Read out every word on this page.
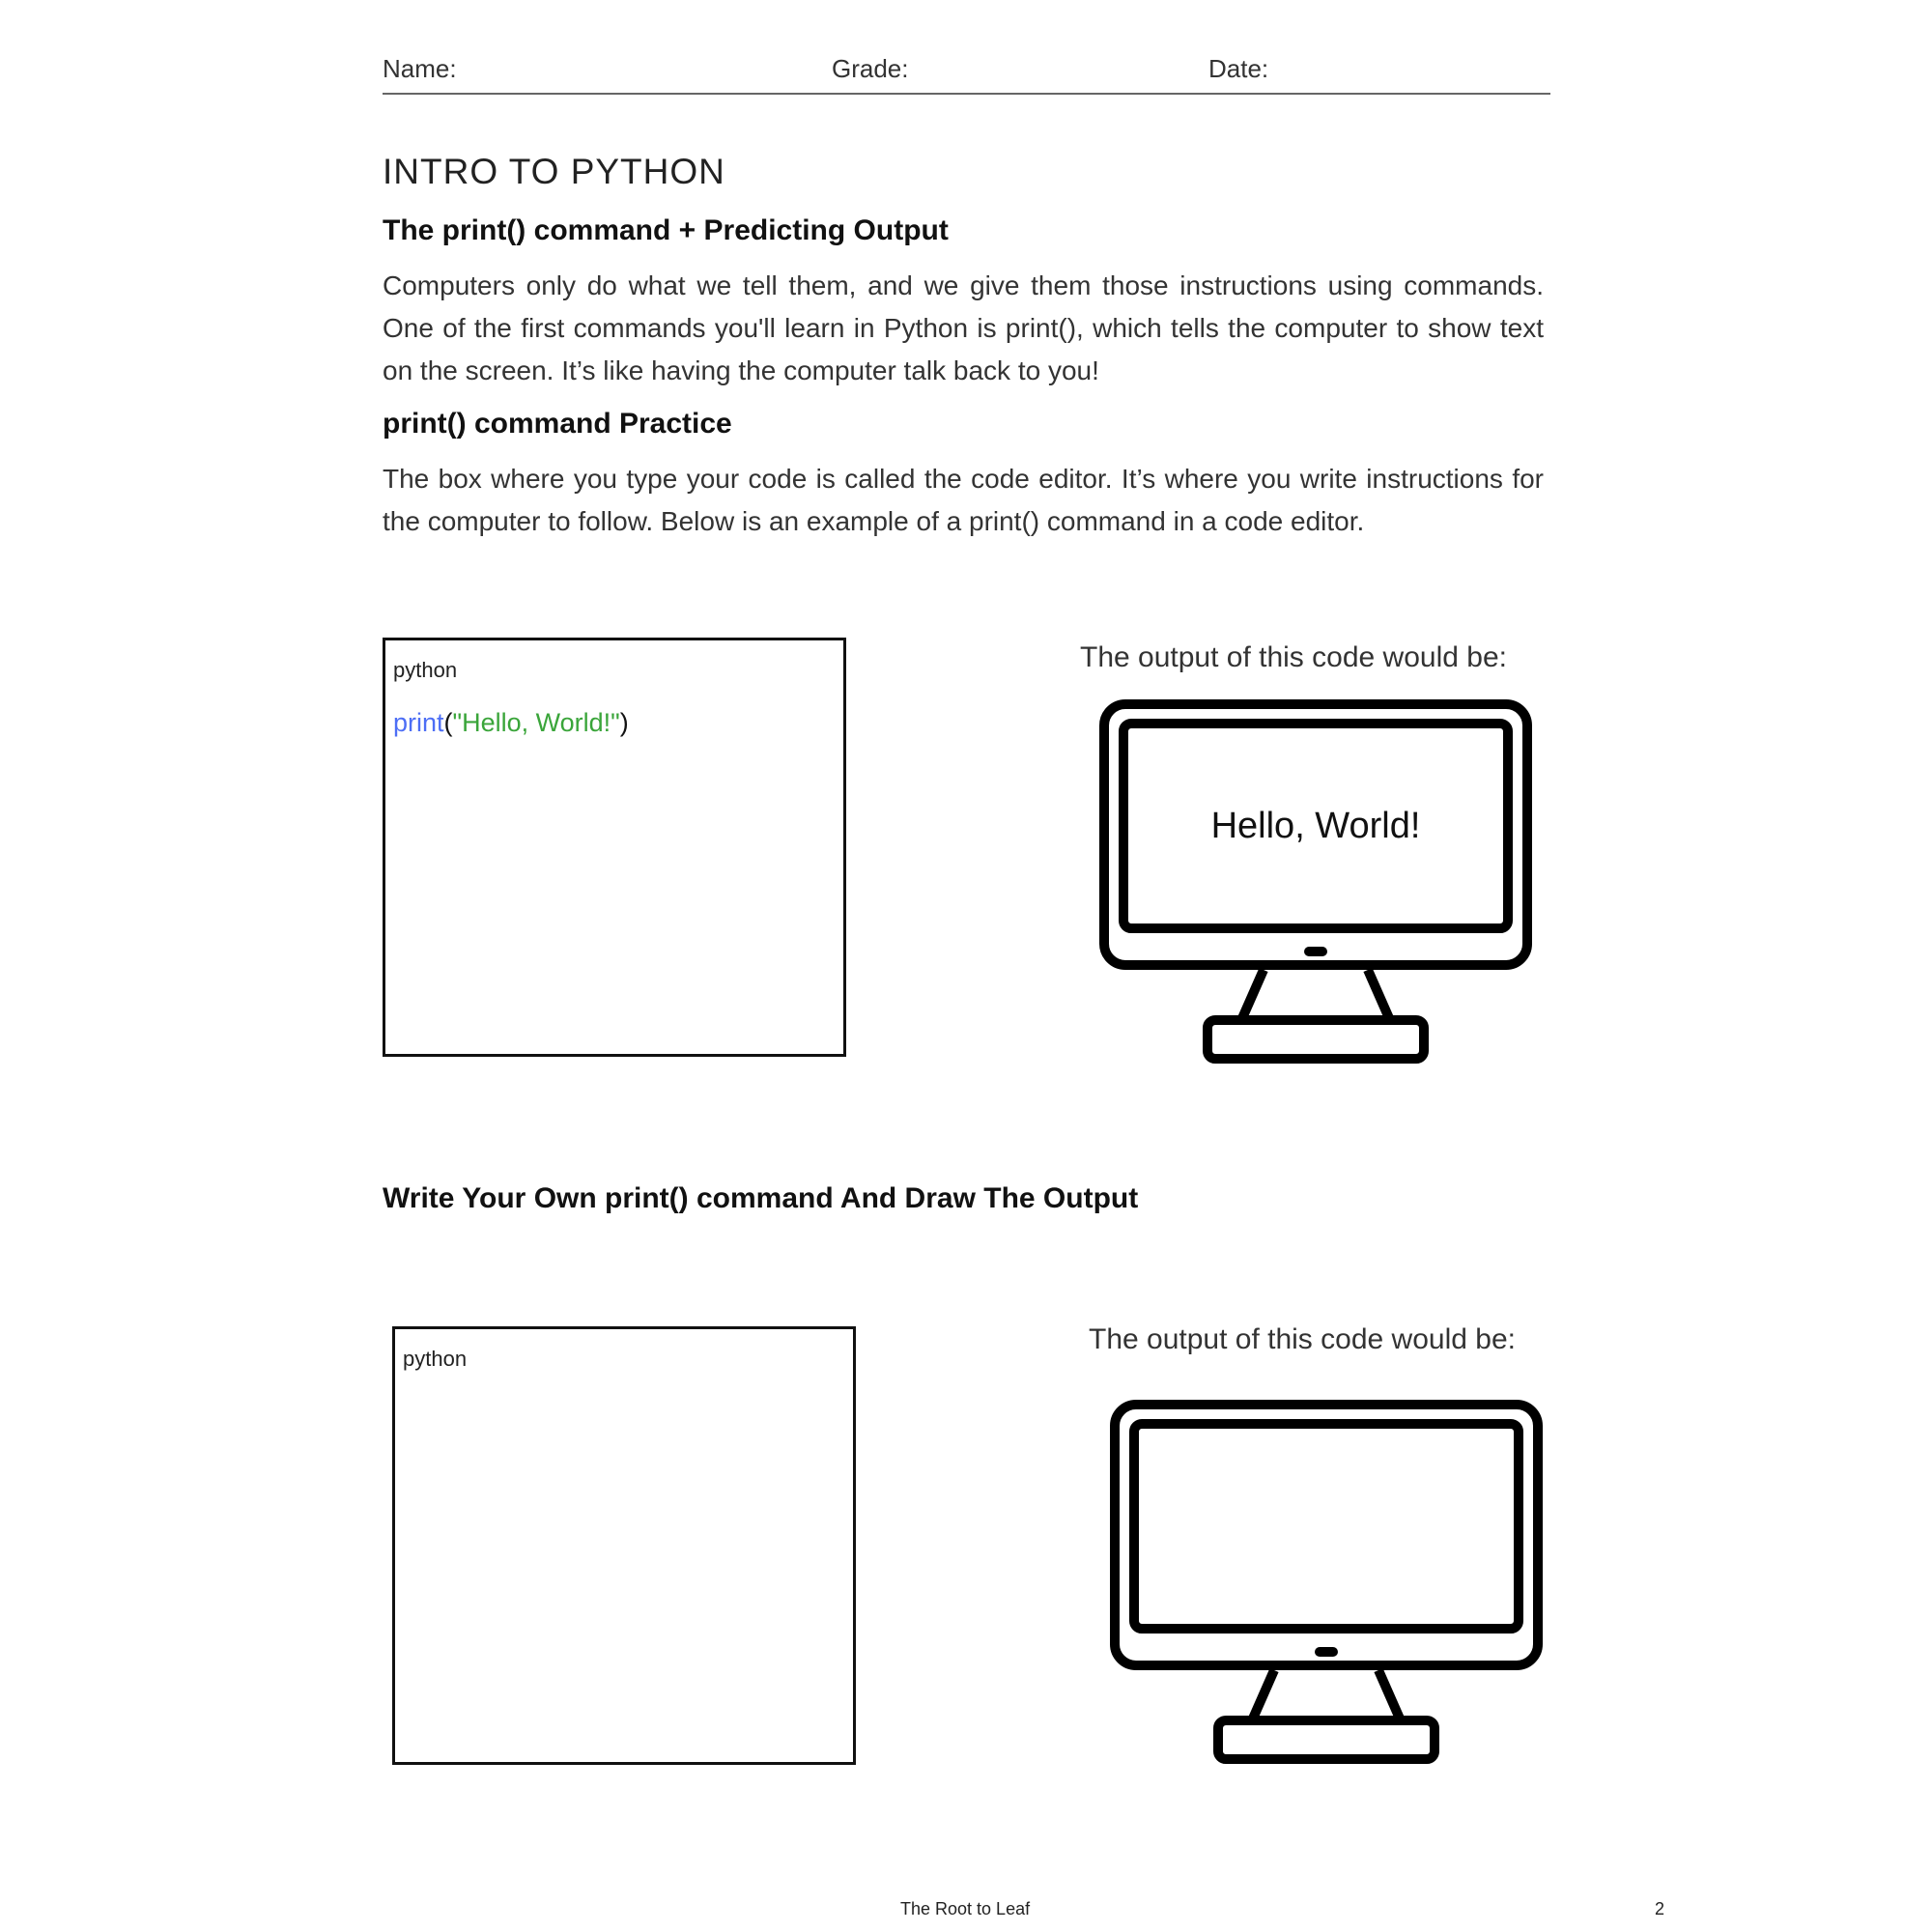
Name:	Grade:	Date:
INTRO TO PYTHON
The print() command + Predicting Output
Computers only do what we tell them, and we give them those instructions using commands. One of the first commands you'll learn in Python is print(), which tells the computer to show text on the screen. It’s like having the computer talk back to you!
print() command Practice
The box where you type your code is called the code editor. It’s where you write instructions for the computer to follow. Below is an example of a print() command in a code editor.
python
print("Hello, World!")
The output of this code would be:
Hello, World!
Write Your Own print() command And Draw The Output
python
The output of this code would be:
The Root to Leaf	2
